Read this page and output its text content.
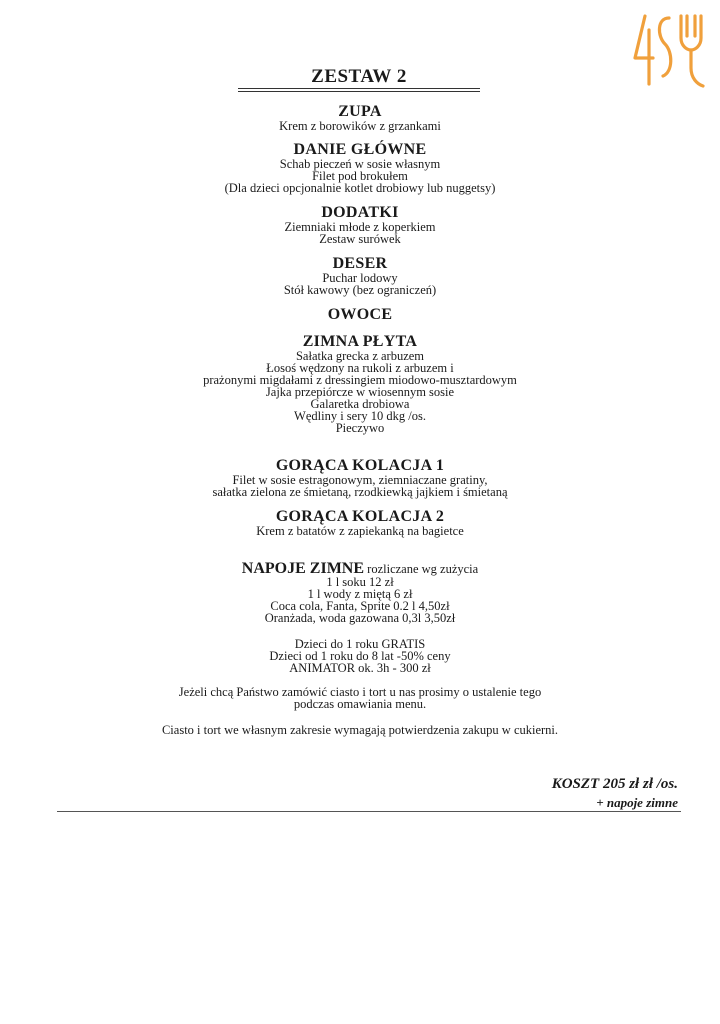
ZESTAW 2
ZUPA
Krem z borowików z grzankami
DANIE GŁÓWNE
Schab pieczeń w sosie własnym
Filet pod brokułem
(Dla dzieci opcjonalnie kotlet drobiowy lub nuggetsy)
DODATKI
Ziemniaki młode z koperkiem
Zestaw surówek
DESER
Puchar lodowy
Stół kawowy (bez ograniczeń)
OWOCE
ZIMNA PŁYTA
Sałatka grecka z arbuzem
Łosoś wędzony na rukoli z arbuzem i
prażonymi migdałami z dressingiem miodowo-musztardowym
Jajka przepiórcze w wiosennym sosie
Galaretka drobiowa
Wędliny i sery 10 dkg /os.
Pieczywo
GORĄCA KOLACJA 1
Filet w sosie estragonowym, ziemniaczane gratiny,
sałatka zielona ze śmietaną, rzodkiewką jajkiem i śmietaną
GORĄCA KOLACJA 2
Krem z batatów z zapiekanką na bagietce
NAPOJE ZIMNE rozliczane wg zużycia
1 l soku 12 zł
1 l wody z miętą 6 zł
Coca cola, Fanta, Sprite 0.2 l 4,50zł
Oranżada, woda gazowana 0,3l 3,50zł
Dzieci do 1 roku GRATIS
Dzieci od 1 roku do 8 lat -50% ceny
ANIMATOR ok. 3h - 300 zł
Jeżeli chcą Państwo zamówić ciasto i tort u nas prosimy o ustalenie tego
podczas omawiania menu.
Ciasto i tort we własnym zakresie wymagają potwierdzenia zakupu w cukierni.
KOSZT 205 zł zł /os.
+ napoje zimne
